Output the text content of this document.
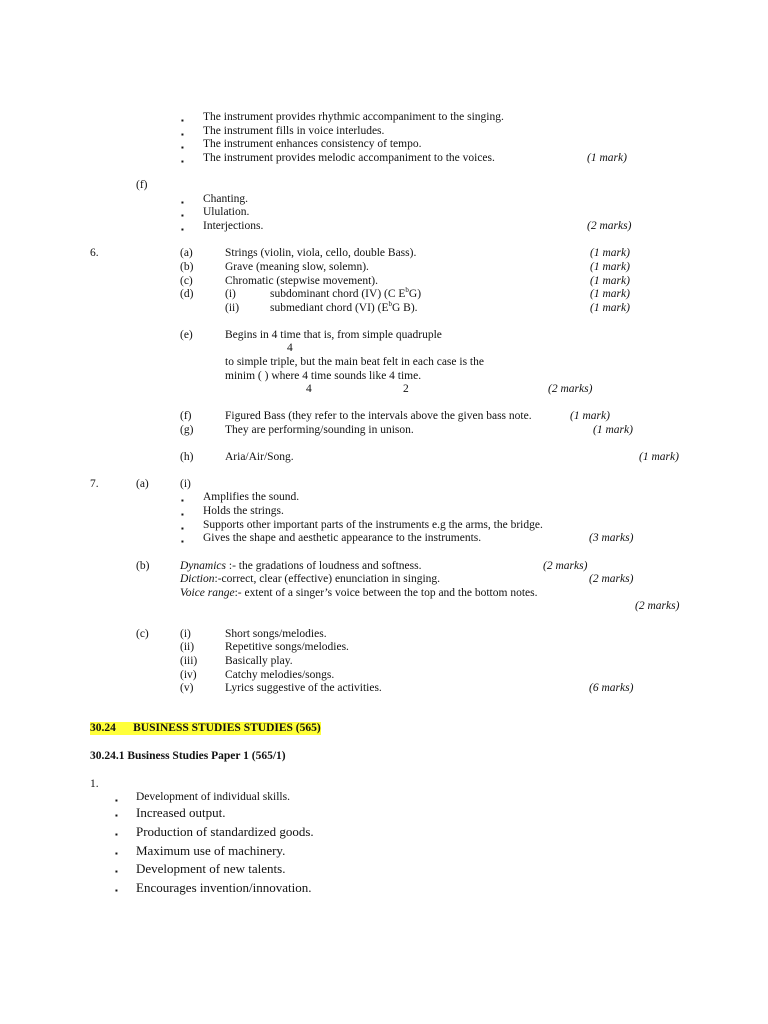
▪ The instrument provides rhythmic accompaniment to the singing.
▪ The instrument fills in voice interludes.
▪ The instrument enhances consistency of tempo.
▪ The instrument provides melodic accompaniment to the voices.	(1 mark)
(f)
▪ Chanting.
▪ Ululation.
▪ Interjections.	(2 marks)
6.	(a)	Strings (violin, viola, cello, double Bass).	(1 mark)
(b)	Grave (meaning slow, solemn).	(1 mark)
(c)	Chromatic (stepwise movement).	(1 mark)
(d)	(i)	subdominant chord (IV) (C $E^bG$)	(1 mark)
(ii)	submediant chord (VI) ($E^bG$ B).	(1 mark)
(e)	Begins in 4 time that is, from simple quadruple
4
to simple triple, but the main beat felt in each case is the
minim ( ) where 4 time sounds like 4 time.
4	2	(2 marks)
(f)	Figured Bass (they refer to the intervals above the given bass note.	(1 mark)
(g)	They are performing/sounding in unison.	(1 mark)
(h)	Aria/Air/Song.	(1 mark)
7.	(a)	(i)
▪ Amplifies the sound.
▪ Holds the strings.
▪ Supports other important parts of the instruments e.g the arms, the bridge.
▪ Gives the shape and aesthetic appearance to the instruments.	(3 marks)
(b)	Dynamics :- the gradations of loudness and softness.	(2 marks)
Diction:-correct, clear (effective) enunciation in singing.	(2 marks)
Voice range:- extent of a singer’s voice between the top and the bottom notes.
(2 marks)
(c)	(i)	Short songs/melodies.
(ii)	Repetitive songs/melodies.
(iii) Basically play.
(iv) Catchy melodies/songs.
(v)	Lyrics suggestive of the activities.	(6 marks)
30.24      BUSINESS STUDIES STUDIES (565)
30.24.1 Business Studies Paper 1 (565/1)
1.
▪ Development of individual skills.
▪ Increased output.
▪ Production of standardized goods.
▪ Maximum use of machinery.
▪ Development of new talents.
▪ Encourages invention/innovation.
